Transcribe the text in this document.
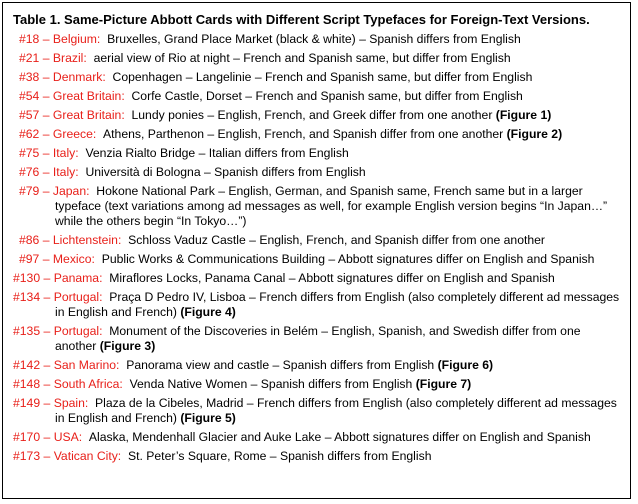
Table 1. Same-Picture Abbott Cards with Different Script Typefaces for Foreign-Text Versions.
#18 – Belgium: Bruxelles, Grand Place Market (black & white) – Spanish differs from English
#21 – Brazil: aerial view of Rio at night – French and Spanish same, but differ from English
#38 – Denmark: Copenhagen – Langelinie – French and Spanish same, but differ from English
#54 – Great Britain: Corfe Castle, Dorset – French and Spanish same, but differ from English
#57 – Great Britain: Lundy ponies – English, French, and Greek differ from one another (Figure 1)
#62 – Greece: Athens, Parthenon – English, French, and Spanish differ from one another (Figure 2)
#75 – Italy: Venzia Rialto Bridge – Italian differs from English
#76 – Italy: Università di Bologna – Spanish differs from English
#79 – Japan: Hokone National Park – English, German, and Spanish same, French same but in a larger typeface (text variations among ad messages as well, for example English version begins “In Japan…” while the others begin “In Tokyo…”)
#86 – Lichtenstein: Schloss Vaduz Castle – English, French, and Spanish differ from one another
#97 – Mexico: Public Works & Communications Building – Abbott signatures differ on English and Spanish
#130 – Panama: Miraflores Locks, Panama Canal – Abbott signatures differ on English and Spanish
#134 – Portugal: Praça D Pedro IV, Lisboa – French differs from English (also completely different ad messages in English and French) (Figure 4)
#135 – Portugal: Monument of the Discoveries in Belém – English, Spanish, and Swedish differ from one another (Figure 3)
#142 – San Marino: Panorama view and castle – Spanish differs from English (Figure 6)
#148 – South Africa: Venda Native Women – Spanish differs from English (Figure 7)
#149 – Spain: Plaza de la Cibeles, Madrid – French differs from English (also completely different ad messages in English and French) (Figure 5)
#170 – USA: Alaska, Mendenhall Glacier and Auke Lake – Abbott signatures differ on English and Spanish
#173 – Vatican City: St. Peter’s Square, Rome – Spanish differs from English
